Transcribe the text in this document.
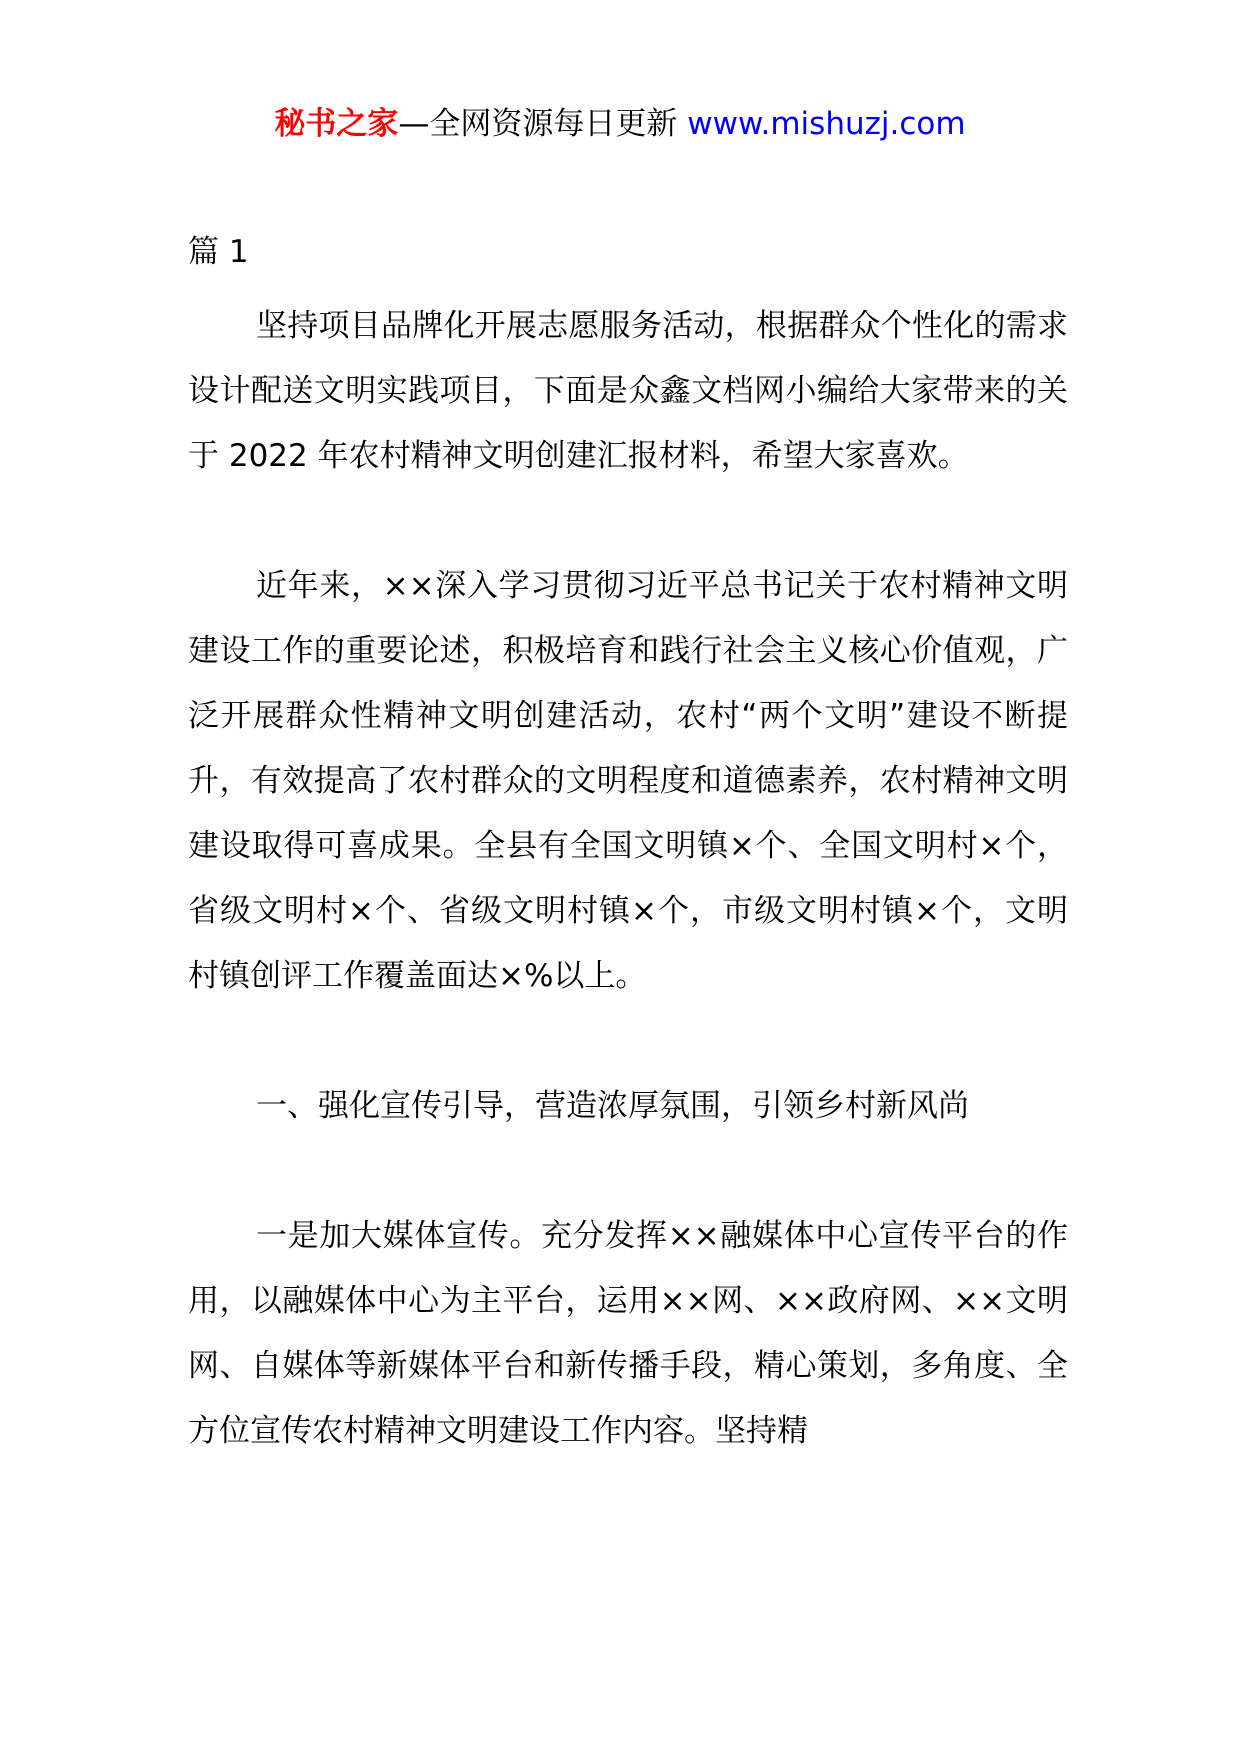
秘书之家—全网资源每日更新 www.mishuzj.com

篇 1

坚持项目品牌化开展志愿服务活动，根据群众个性化的需求设计配送文明实践项目，下面是众鑫文档网小编给大家带来的关于 2022 年农村精神文明创建汇报材料，希望大家喜欢。

近年来，××深入学习贯彻习近平总书记关于农村精神文明建设工作的重要论述，积极培育和践行社会主义核心价值观，广泛开展群众性精神文明创建活动，农村“两个文明”建设不断提升，有效提高了农村群众的文明程度和道德素养，农村精神文明建设取得可喜成果。全县有全国文明镇×个、全国文明村×个，省级文明村×个、省级文明村镇×个，市级文明村镇×个，文明村镇创评工作覆盖面达×%以上。

一、强化宣传引导，营造浓厚氛围，引领乡村新风尚

一是加大媒体宣传。充分发挥××融媒体中心宣传平台的作用，以融媒体中心为主平台，运用××网、××政府网、××文明网、自媒体等新媒体平台和新传播手段，精心策划，多角度、全方位宣传农村精神文明建设工作内容。坚持精
